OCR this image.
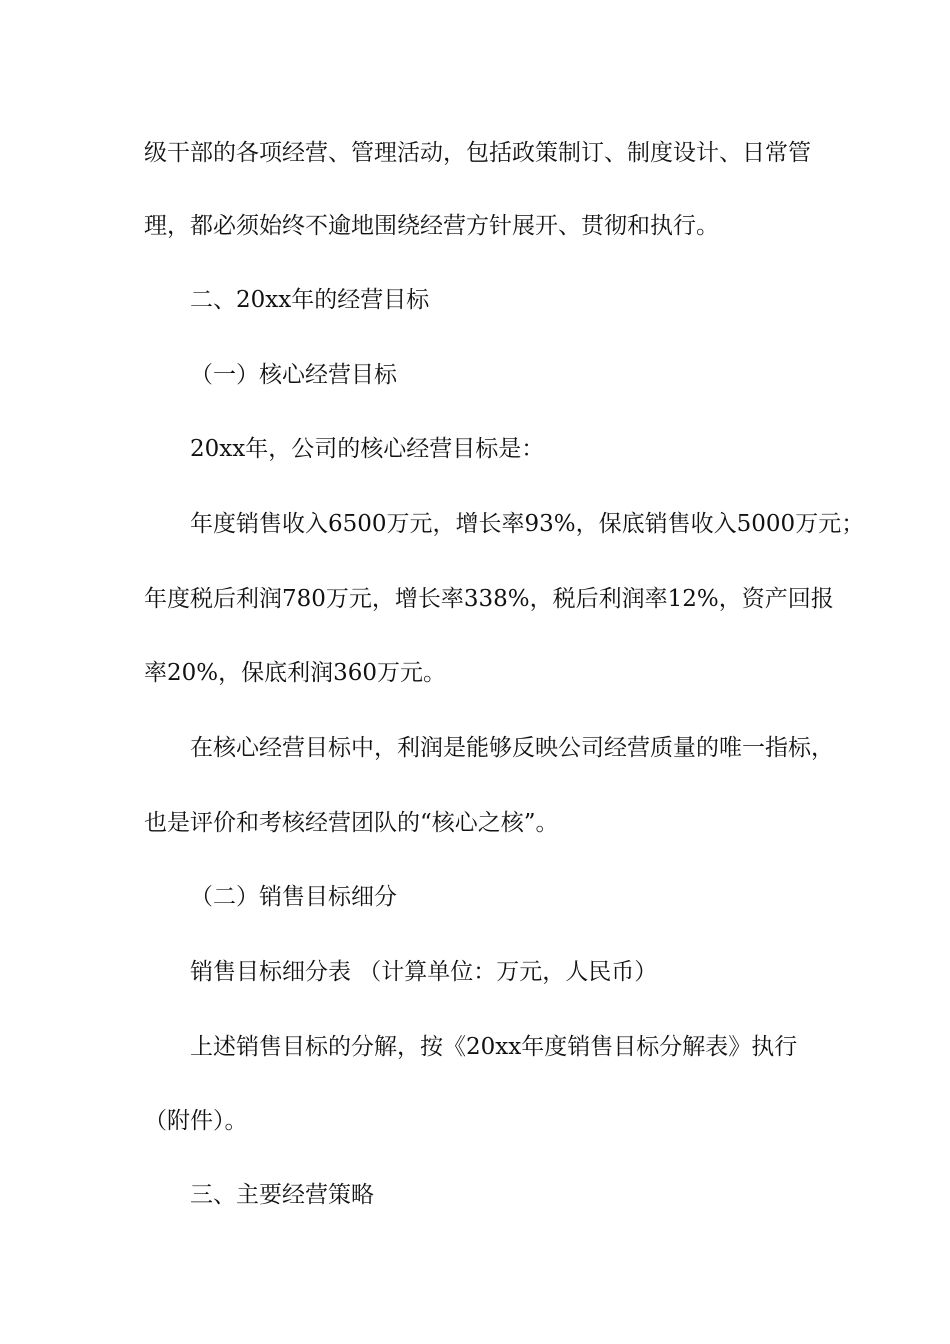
级干部的各项经营、管理活动，包括政策制订、制度设计、日常管

理，都必须始终不逾地围绕经营方针展开、贯彻和执行。

二、20xx年的经营目标

（一）核心经营目标

20xx年，公司的核心经营目标是：

年度销售收入6500万元，增长率93%，保底销售收入5000万元；

年度税后利润780万元，增长率338%，税后利润率12%，资产回报

率20%，保底利润360万元。

在核心经营目标中，利润是能够反映公司经营质量的唯一指标，

也是评价和考核经营团队的“核心之核”。

（二）销售目标细分

销售目标细分表 （计算单位：万元，人民币）

上述销售目标的分解，按《20xx年度销售目标分解表》执行

（附件）。

三、主要经营策略
